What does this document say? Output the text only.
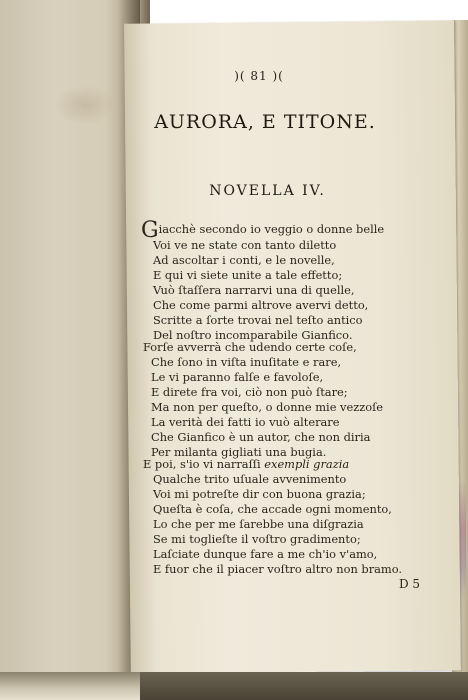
)( 81 )(
AURORA, E TITONE.
NOVELLA IV.
Giacchè secondo io veggio o donne belle
Voi ve ne state con tanto diletto
Ad ascoltar i conti, e le novelle,
E qui vi siete unite a tale effetto;
Vuò ſtaſſera narrarvi una di quelle,
Che come parmi altrove avervi detto,
Scritte a ſorte trovai nel teſto antico
Del noſtro incomparabile Gianfico.
Forſe avverrà che udendo certe coſe,
Che ſono in viſta inuſitate e rare,
Le vi paranno falſe e favoloſe,
E direte fra voi, ciò non può ſtare;
Ma non per queſto, o donne mie vezzoſe
La verità dei fatti io vuò alterare
Che Gianfico è un autor, che non diria
Per milanta gigliati una bugia.
E poi, s'io vi narraſſi exempli grazia
Qualche trito uſuale avvenimento
Voi mi potreſte dir con buona grazia;
Queſta è coſa, che accade ogni momento,
Lo che per me ſarebbe una diſgrazia
Se mi toglieſte il voſtro gradimento;
Laſciate dunque fare a me ch'io v'amo,
E fuor che il piacer voſtro altro non bramo.
D 5
